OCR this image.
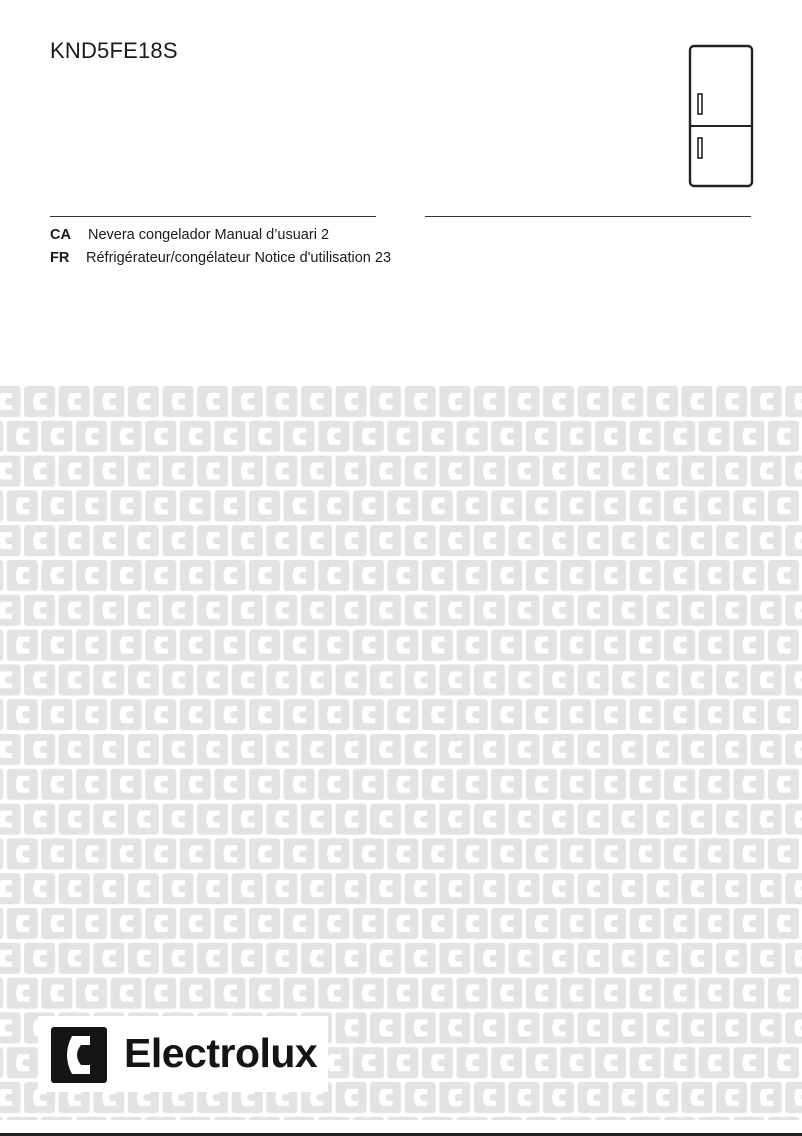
KND5FE18S
CA Nevera congelador Manual d’usuari 2
FR Réfrigérateur/congélateur Notice d'utilisation 23
Electrolux
